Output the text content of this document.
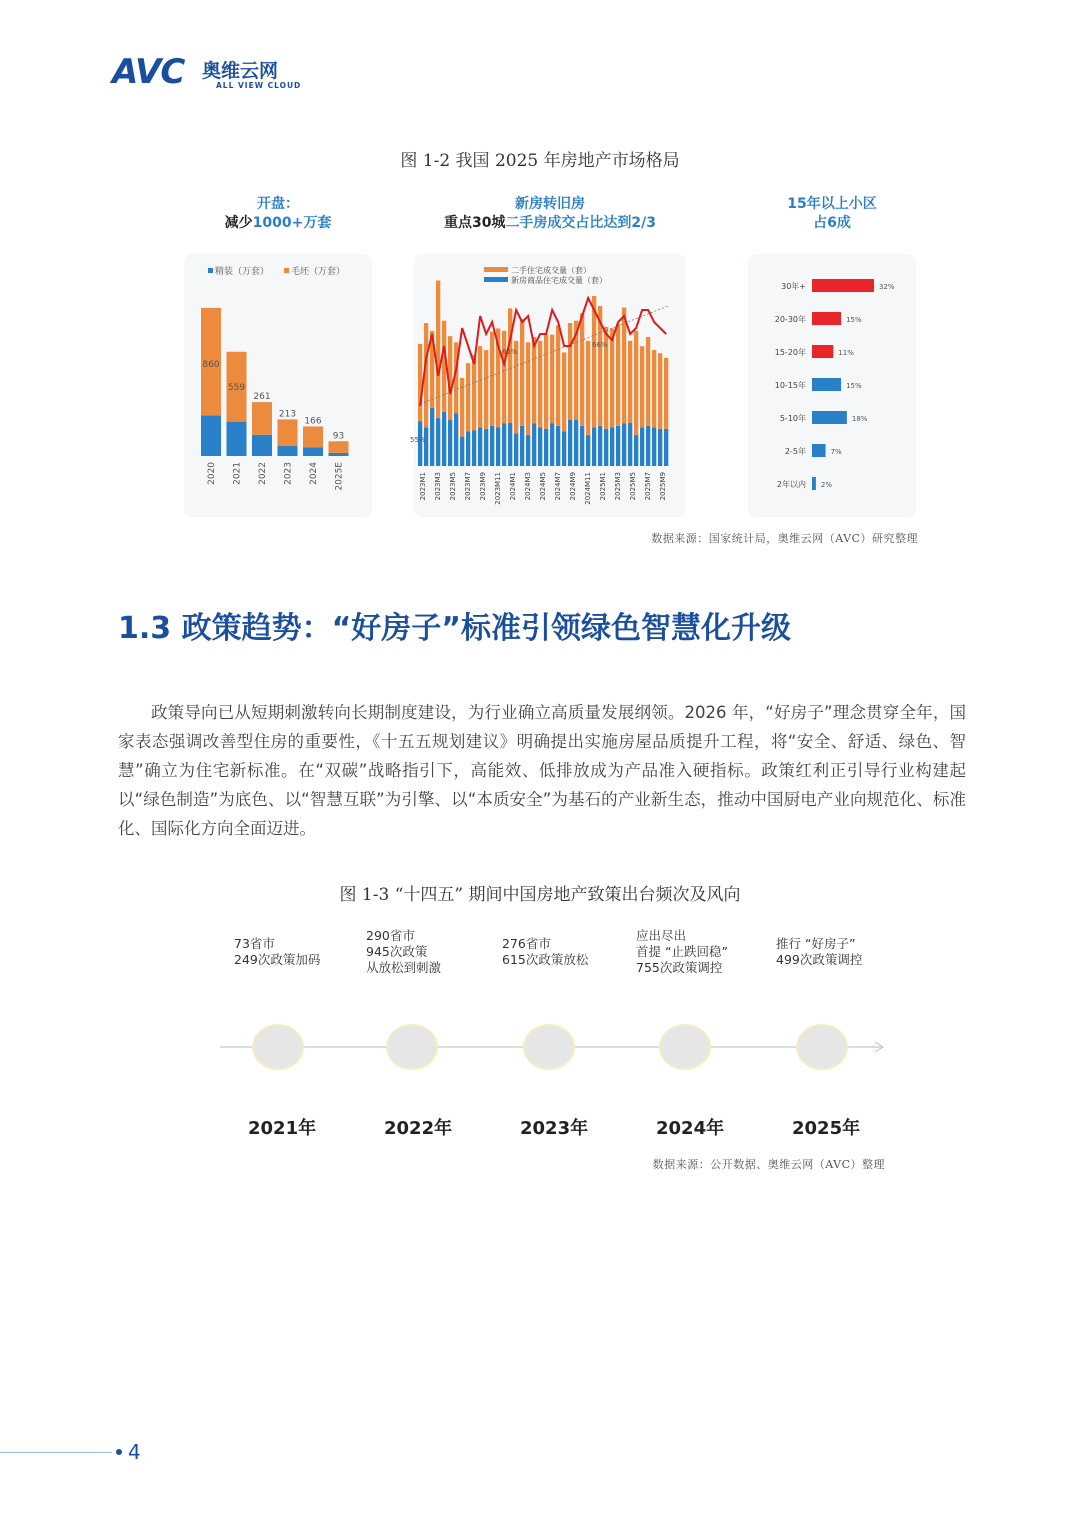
AVC 奥维云网
ALL VIEW CLOUD
图 1-2 我国 2025 年房地产市场格局
开盘：
减少1000+万套
新房转旧房
重点30城二手房成交占比达到2/3
15年以上小区
占6成
精装（万套） 毛坯（万套）
860
2020
559
2021
261
2022
213
2023
166
2024
93
2025E
二手住宅成交量（套）
新房商品住宅成交量（套）
55%
65%
66%
2023M1 2023M3 2023M5 2023M7 2023M9 2023M11 2024M1 2024M3 2024M5 2024M7 2024M9 2024M11 2025M1 2025M3 2025M5 2025M7 2025M9
30年+	32%
20-30年	15%
15-20年	11%
10-15年	15%
5-10年	18%
2-5年	7%
2年以内 2%
数据来源：国家统计局，奥维云网（AVC）研究整理
1.3 政策趋势：“好房子”标准引领绿色智慧化升级

政策导向已从短期刺激转向长期制度建设，为行业确立高质量发展纲领。2026 年，“好房子”理念贯穿全年，国家表态强调改善型住房的重要性，《十五五规划建议》明确提出实施房屋品质提升工程，将“安全、舒适、绿色、智慧”确立为住宅新标准。在“双碳”战略指引下，高能效、低排放成为产品准入硬指标。政策红利正引导行业构建起以“绿色制造”为底色、以“智慧互联”为引擎、以“本质安全”为基石的产业新生态，推动中国厨电产业向规范化、标准化、国际化方向全面迈进。

图 1-3 “十四五” 期间中国房地产致策出台频次及风向
73省市
249次政策加码
290省市
945次政策
从放松到刺激
276省市
615次政策放松
应出尽出
首提 “止跌回稳”
755次政策调控
推行 “好房子”
499次政策调控
2021年	2022年	2023年	2024年	2025年
数据来源：公开数据、奥维云网（AVC）整理
4
